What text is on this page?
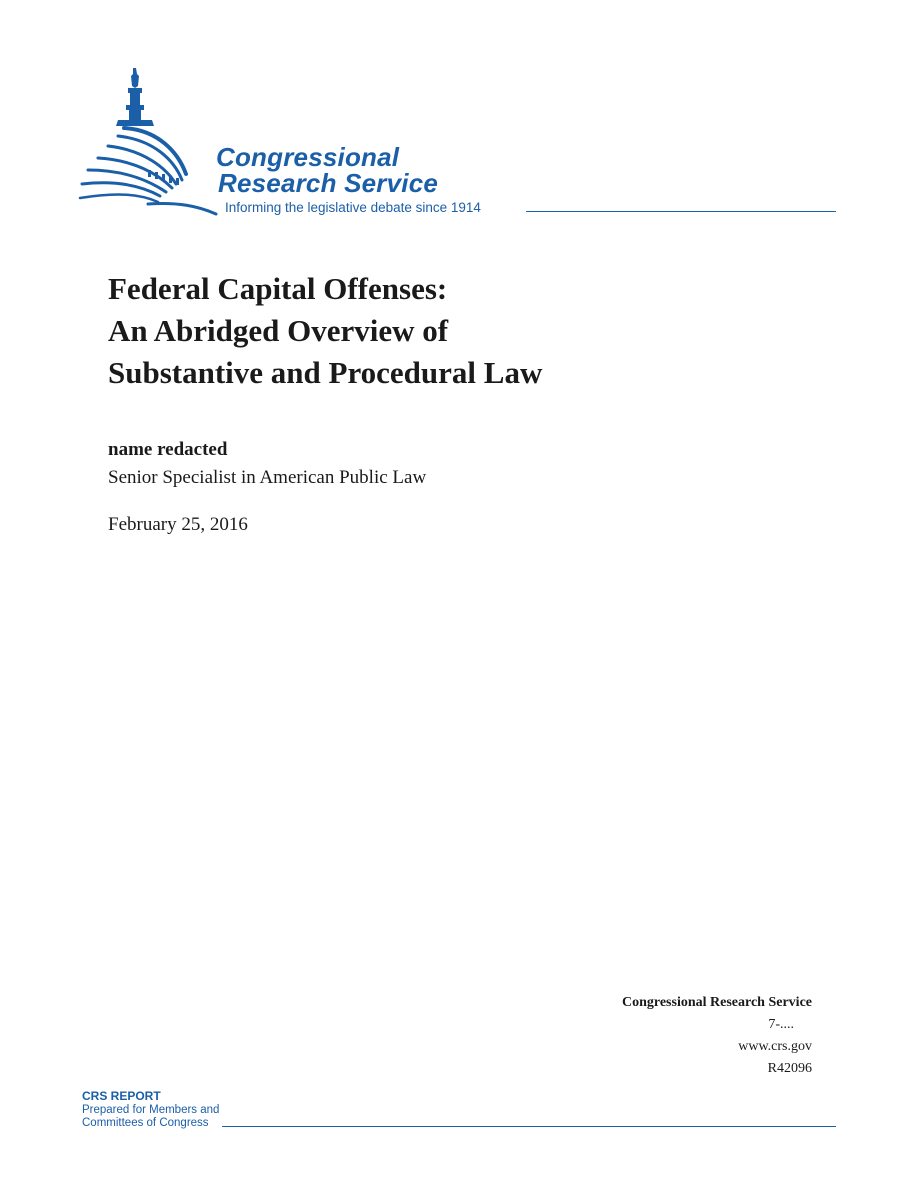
Congressional
Research Service
Informing the legislative debate since 1914
Federal Capital Offenses:
An Abridged Overview of
Substantive and Procedural Law
name redacted
Senior Specialist in American Public Law
February 25, 2016
Congressional Research Service
7-....
www.crs.gov
R42096
CRS REPORT
Prepared for Members and
Committees of Congress
